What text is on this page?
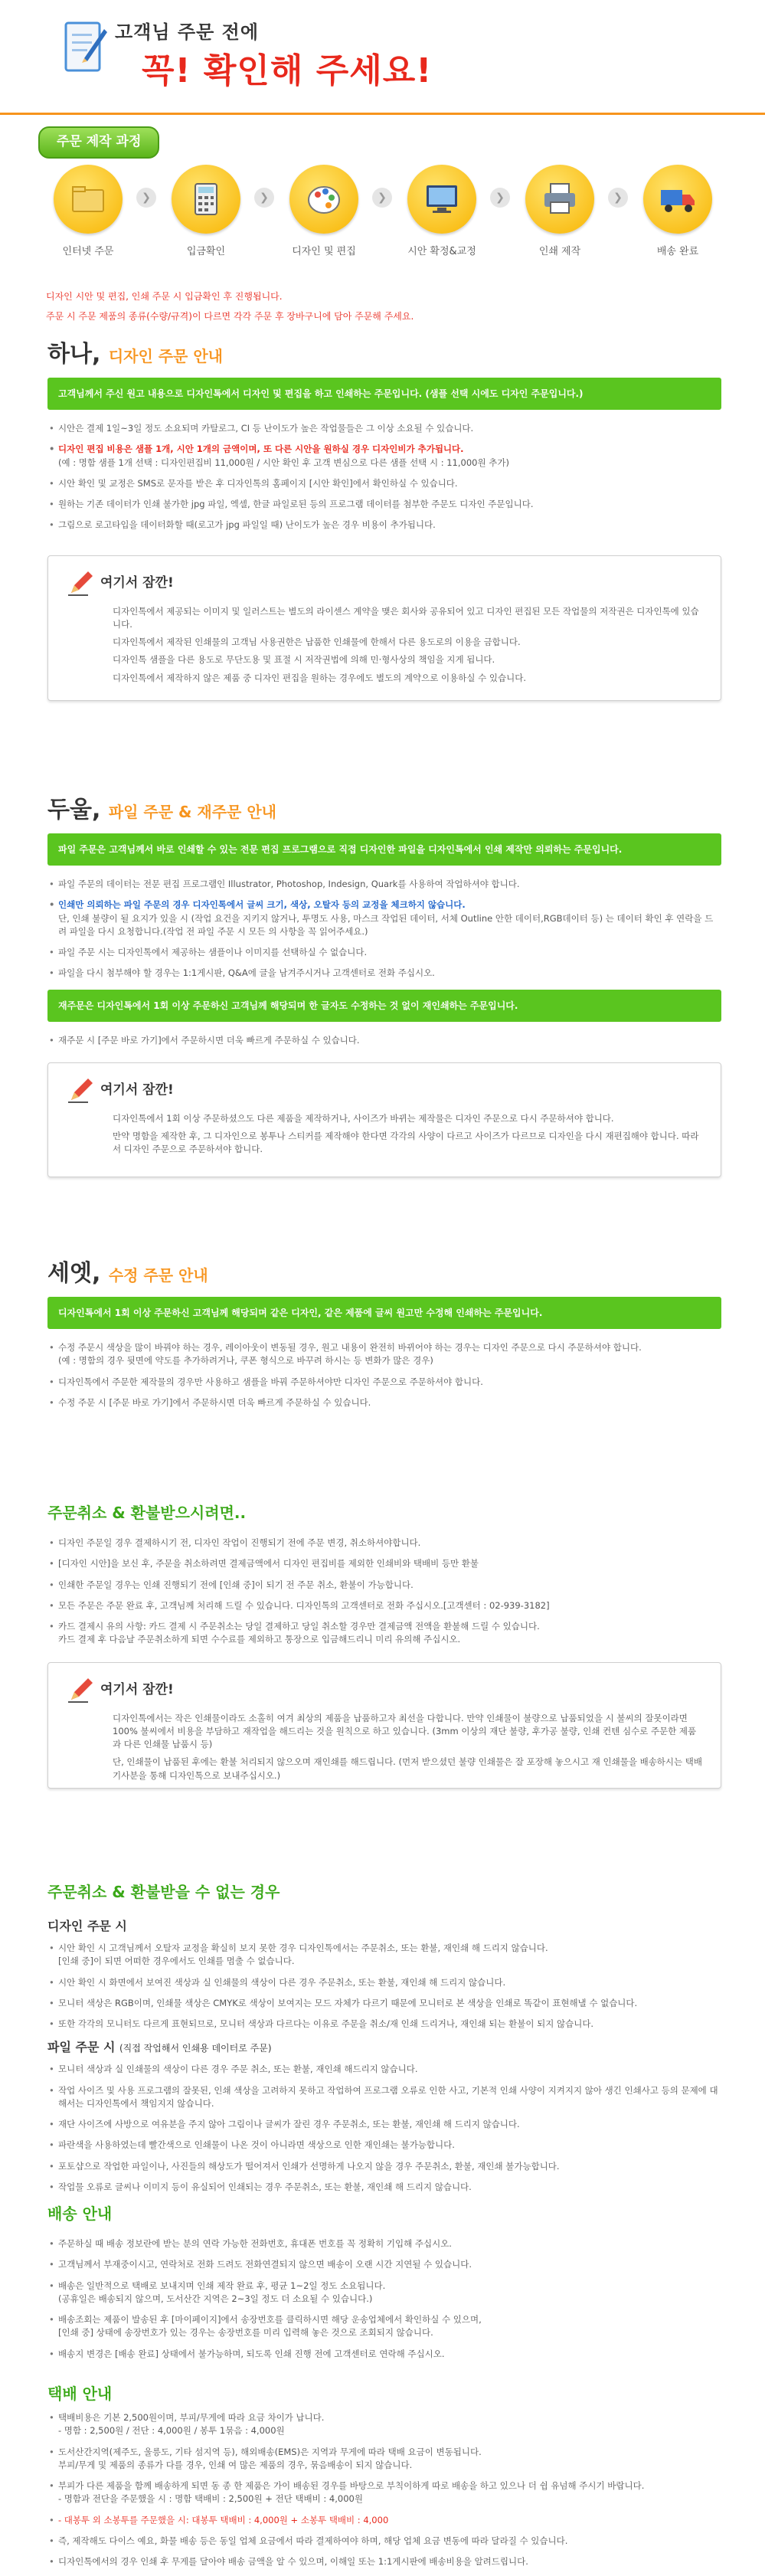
고객님 주문 전에
꼭! 확인해 주세요!
주문 제작 과정
인터넷 주문
❯
입금확인
❯
디자인 및 편집
❯
시안 확정&교정
❯
인쇄 제작
❯
배송 완료
디자인 시안 및 편집, 인쇄 주문 시 입금확인 후 진행됩니다.
주문 시 주문 제품의 종류(수량/규격)이 다르면 각각 주문 후 장바구니에 담아 주문해 주세요.
하나, 디자인 주문 안내
고객님께서 주신 원고 내용으로 디자인톡에서 디자인 및 편집을 하고 인쇄하는 주문입니다. (샘플 선택 시에도 디자인 주문입니다.)
• 시안은 결제 1일~3일 정도 소요되며 카탈로그, CI 등 난이도가 높은 작업물들은 그 이상 소요될 수 있습니다.
• 디자인 편집 비용은 샘플 1개, 시안 1개의 금액이며, 또 다른 시안을 원하실 경우 디자인비가 추가됩니다.
(예 : 명함 샘플 1개 선택 : 디자인편집비 11,000원 / 시안 확인 후 고객 변심으로 다른 샘플 선택 시 : 11,000원 추가)
• 시안 확인 및 교정은 SMS로 문자를 받은 후 디자인톡의 홈페이지 [시안 확인]에서 확인하실 수 있습니다.
• 원하는 기존 데이터가 인쇄 불가한 jpg 파일, 엑셀, 한글 파일로된 등의 프로그램 데이터를 첨부한 주문도 디자인 주문입니다.
• 그림으로 로고타입을 데이터화할 때(로고가 jpg 파일일 때) 난이도가 높은 경우 비용이 추가됩니다.
여기서 잠깐!

디자인톡에서 제공되는 이미지 및 일러스트는 별도의 라이센스 계약을 맺은 회사와 공유되어 있고 디자인 편집된 모든 작업물의 저작권은 디자인톡에 있습니다.

디자인톡에서 제작된 인쇄물의 고객님 사용권한은 납품한 인쇄물에 한해서 다른 용도로의 이용을 금합니다.

디자인톡 샘플을 다른 용도로 무단도용 및 표절 시 저작권법에 의해 민·형사상의 책임을 지게 됩니다.

디자인톡에서 제작하지 않은 제품 중 디자인 편집을 원하는 경우에도 별도의 계약으로 이용하실 수 있습니다.

두울, 파일 주문 & 재주문 안내
파일 주문은 고객님께서 바로 인쇄할 수 있는 전문 편집 프로그램으로 직접 디자인한 파일을 디자인톡에서 인쇄 제작만 의뢰하는 주문입니다.
• 파일 주문의 데이터는 전문 편집 프로그램인 Illustrator, Photoshop, Indesign, Quark를 사용하여 작업하셔야 합니다.
• 인쇄만 의뢰하는 파일 주문의 경우 디자인톡에서 글씨 크기, 색상, 오탈자 등의 교정을 체크하지 않습니다.
단, 인쇄 불량이 될 요지가 있을 시 (작업 요건을 지키지 않거나, 투명도 사용, 마스크 작업된 데이터, 서체 Outline 안한 데이터,RGB데이터 등) 는 데이터 확인 후 연락을 드려 파일을 다시 요청합니다.(작업 전 파일 주문 시 모든 의 사항을 꼭 읽어주세요.)
• 파일 주문 시는 디자인톡에서 제공하는 샘플이나 이미지를 선택하실 수 없습니다.
• 파일을 다시 첨부해야 할 경우는 1:1게시판, Q&A에 글을 남겨주시거나 고객센터로 전화 주십시오.
재주문은 디자인톡에서 1회 이상 주문하신 고객님께 해당되며 한 글자도 수정하는 것 없이 재인쇄하는 주문입니다.
• 재주문 시 [주문 바로 가기]에서 주문하시면 더욱 빠르게 주문하실 수 있습니다.
여기서 잠깐!

디자인톡에서 1회 이상 주문하셨으도 다른 제품을 제작하거나, 사이즈가 바뀌는 제작물은 디자인 주문으로 다시 주문하셔야 합니다.

만약 명함을 제작한 후, 그 디자인으로 봉투나 스티커를 제작해야 한다면 각각의 사양이 다르고 사이즈가 다르므로 디자인을 다시 재편집해야 합니다. 따라서 디자인 주문으로 주문하셔야 합니다.

세엣, 수정 주문 안내
디자인톡에서 1회 이상 주문하신 고객님께 해당되며 같은 디자인, 같은 제품에 글씨 원고만 수정해 인쇄하는 주문입니다.
• 수정 주문시 색상을 많이 바꿔야 하는 경우, 레이아웃이 변동될 경우, 원고 내용이 완전히 바뀌어야 하는 경우는 디자인 주문으로 다시 주문하셔야 합니다.
(예 : 명함의 경우 뒷면에 약도를 추가하려거나, 쿠폰 형식으로 바꾸려 하시는 등 변화가 많은 경우)
• 디자인톡에서 주문한 제작물의 경우만 사용하고 샘플을 바꿔 주문하셔야만 디자인 주문으로 주문하셔야 합니다.
• 수정 주문 시 [주문 바로 가기]에서 주문하시면 더욱 빠르게 주문하실 수 있습니다.
주문취소 & 환불받으시려면..
• 디자인 주문일 경우 결제하시기 전, 디자인 작업이 진행되기 전에 주문 변경, 취소하셔야합니다.
• [디자인 시안]을 보신 후, 주문을 취소하려면 결제금액에서 디자인 편집비를 제외한 인쇄비와 택배비 등만 환불
• 인쇄한 주문일 경우는 인쇄 진행되기 전에 [인쇄 중]이 되기 전 주문 취소, 환불이 가능합니다.
• 모든 주문은 주문 완료 후, 고객님께 처리해 드릴 수 있습니다. 디자인톡의 고객센터로 전화 주십시오.[고객센터 : 02-939-3182]
• 카드 결제시 유의 사항: 카드 결제 시 주문취소는 당일 결제하고 당일 취소할 경우만 결제금액 전액을 환불해 드릴 수 있습니다.
카드 결제 후 다음날 주문취소하게 되면 수수료를 제외하고 통장으로 입금해드리니 미리 유의해 주십시오.
여기서 잠깐!

디자인톡에서는 작은 인쇄물이라도 소홀히 여겨 최상의 제품을 납품하고자 최선을 다합니다. 만약 인쇄물이 불량으로 납품되었을 시 불씨의 잘못이라면 100% 불씨에서 비용을 부담하고 재작업을 해드리는 것을 원칙으로 하고 있습니다. (3mm 이상의 재단 불량, 후가공 불량, 인쇄 컨텐 심수로 주문한 제품과 다른 인쇄물 납품시 등)

단, 인쇄물이 납품된 후에는 환불 처리되지 않으오며 재인쇄를 해드립니다. (먼저 받으셨던 불량 인쇄물은 잘 포장해 놓으시고 재 인쇄물을 배송하시는 택배 기사분을 통해 디자인톡으로 보내주십시오.)

주문취소 & 환불받을 수 없는 경우
디자인 주문 시
• 시안 확인 시 고객님께서 오탈자 교정을 확실히 보지 못한 경우 디자인톡에서는 주문취소, 또는 환불, 재인쇄 해 드리지 않습니다.
[인쇄 중]이 되면 어떠한 경우에서도 인쇄를 멈출 수 없습니다.
• 시안 확인 시 화면에서 보여진 색상과 실 인쇄물의 색상이 다른 경우 주문취소, 또는 환불, 재인쇄 해 드리지 않습니다.
• 모니터 색상은 RGB이며, 인쇄물 색상은 CMYK로 색상이 보여지는 모드 자체가 다르기 때문에 모니터로 본 색상을 인쇄로 똑같이 표현해낼 수 없습니다.
• 또한 각각의 모니터도 다르게 표현되므로, 모니터 색상과 다르다는 이유로 주문을 취소/재 인쇄 드리거나, 재인쇄 되는 환불이 되지 않습니다.
파일 주문 시 (직접 작업해서 인쇄용 데이터로 주문)
• 모니터 색상과 실 인쇄물의 색상이 다른 경우 주문 취소, 또는 환불, 재인쇄 해드리지 않습니다.
• 작업 사이즈 및 사용 프로그램의 잘못된, 인쇄 색상을 고려하지 못하고 작업하여 프로그램 오류로 인한 사고, 기본적 인쇄 사양이 지켜지지 않아 생긴 인쇄사고 등의 문제에 대해서는 디자인톡에서 책임지지 않습니다.
• 재단 사이즈에 사방으로 여유분을 주지 않아 그림이나 글씨가 잘린 경우 주문취소, 또는 환불, 재인쇄 해 드리지 않습니다.
• 파란색을 사용하였는데 빨간색으로 인쇄물이 나온 것이 아니라면 색상으로 인한 재인쇄는 불가능합니다.
• 포토샵으로 작업한 파일이나, 사진들의 해상도가 떨어져서 인쇄가 선명하게 나오지 않을 경우 주문취소, 환불, 재인쇄 불가능합니다.
• 작업물 오류로 글씨나 이미지 등이 유실되어 인쇄되는 경우 주문취소, 또는 환불, 재인쇄 해 드리지 않습니다.
배송 안내
• 주문하실 때 배송 정보란에 받는 분의 연락 가능한 전화번호, 휴대폰 번호를 꼭 정확히 기입해 주십시오.
• 고객님께서 부재중이시고, 연락처로 전화 드려도 전화연결되지 않으면 배송이 오랜 시간 지연될 수 있습니다.
• 배송은 일반적으로 택배로 보내지며 인쇄 제작 완료 후, 평균 1~2일 정도 소요됩니다.
(공휴일은 배송되지 않으며, 도서산간 지역은 2~3일 정도 더 소요될 수 있습니다.)
• 배송조회는 제품이 발송된 후 [마이페이지]에서 송장번호를 클릭하시면 해당 운송업체에서 확인하실 수 있으며,
[인쇄 중] 상태에 송장번호가 있는 경우는 송장번호를 미리 입력해 놓은 것으로 조회되지 않습니다.
• 배송지 변경은 [배송 완료] 상태에서 불가능하며, 되도록 인쇄 진행 전에 고객센터로 연락해 주십시오.
택배 안내
• 택배비용은 기본 2,500원이며, 부피/무게에 따라 요금 차이가 납니다.
- 명함 : 2,500원 / 전단 : 4,000원 / 봉투 1묶음 : 4,000원
• 도서산간지역(제주도, 울릉도, 기타 섬지역 등), 해외배송(EMS)은 지역과 무게에 따라 택배 요금이 변동됩니다.
부피/무게 및 제품의 종류가 다를 경우, 인쇄 여 많은 제품의 경우, 묶음배송이 되지 않습니다.
• 부피가 다른 제품을 함께 배송하게 되면 동 종 한 제품은 가이 배송된 경우를 바탕으로 부칙이하게 따로 배송을 하고 있으나 더 쉽 유넘해 주시기 바랍니다.
- 명함과 전단을 주문했을 시 : 명함 택배비 : 2,500원 + 전단 택배비 : 4,000원
• - 대봉투 외 소봉투를 주문했을 시: 대봉투 택배비 : 4,000원 + 소봉투 택배비 : 4,000
• 즉, 제작해도 다이스 예요, 화물 배송 등은 동일 업체 요금에서 따라 결제하여야 하며, 해당 업체 요금 변동에 따라 달라질 수 있습니다.
• 디자인톡에서의 경우 인쇄 후 무게를 달아야 배송 금액을 알 수 있으며, 이해일 또는 1:1게시판에 배송비용을 알려드립니다.
